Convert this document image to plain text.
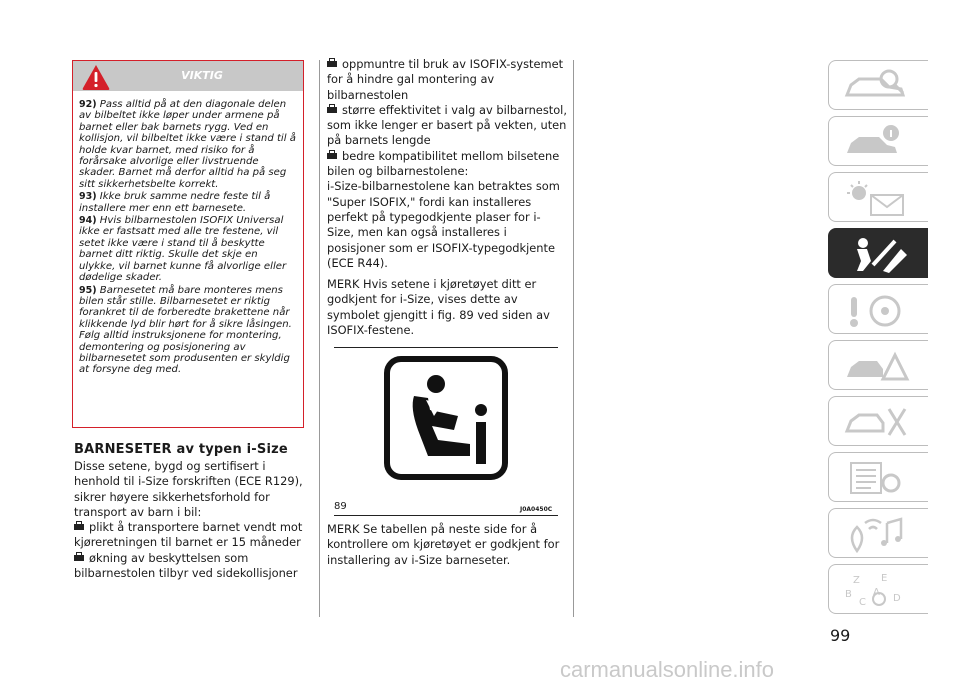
VIKTIG

92) Pass alltid på at den diagonale delen av bilbeltet ikke løper under armene på barnet eller bak barnets rygg. Ved en kollisjon, vil bilbeltet ikke være i stand til å holde kvar barnet, med risiko for å forårsake alvorlige eller livstruende skader. Barnet må derfor alltid ha på seg sitt sikkerhetsbelte korrekt.

93) Ikke bruk samme nedre feste til å installere mer enn ett barnesete.

94) Hvis bilbarnestolen ISOFIX Universal ikke er fastsatt med alle tre festene, vil setet ikke være i stand til å beskytte barnet ditt riktig. Skulle det skje en ulykke, vil barnet kunne få alvorlige eller dødelige skader.

95) Barnesetet må bare monteres mens bilen står stille. Bilbarnesetet er riktig forankret til de forberedte brakettene når klikkende lyd blir hørt for å sikre låsingen. Følg alltid instruksjonene for montering, demontering og posisjonering av bilbarnesetet som produsenten er skyldig at forsyne deg med.

BARNESETER av typen i-Size

Disse setene, bygd og sertifisert i henhold til i-Size forskriften (ECE R129), sikrer høyere sikkerhetsforhold for transport av barn i bil:

plikt å transportere barnet vendt mot kjøreretningen til barnet er 15 måneder

økning av beskyttelsen som bilbarnestolen tilbyr ved sidekollisjoner

oppmuntre til bruk av ISOFIX-systemet for å hindre gal montering av bilbarnestolen

større effektivitet i valg av bilbarnestol, som ikke lenger er basert på vekten, uten på barnets lengde

bedre kompatibilitet mellom bilsetene bilen og bilbarnestolene:

i-Size-bilbarnestolene kan betraktes som "Super ISOFIX," fordi kan installeres perfekt på typegodkjente plaser for i-Size, men kan også installeres i posisjoner som er ISOFIX-typegodkjente (ECE R44).

MERK Hvis setene i kjøretøyet ditt er godkjent for i-Size, vises dette av symbolet gjengitt i fig. 89 ved siden av ISOFIX-festene.

89	J0A0450C

MERK Se tabellen på neste side for å kontrollere om kjøretøyet er godkjent for installering av i-Size barneseter.

Z E
B
C
A
D
99
carmanualsonline.info
